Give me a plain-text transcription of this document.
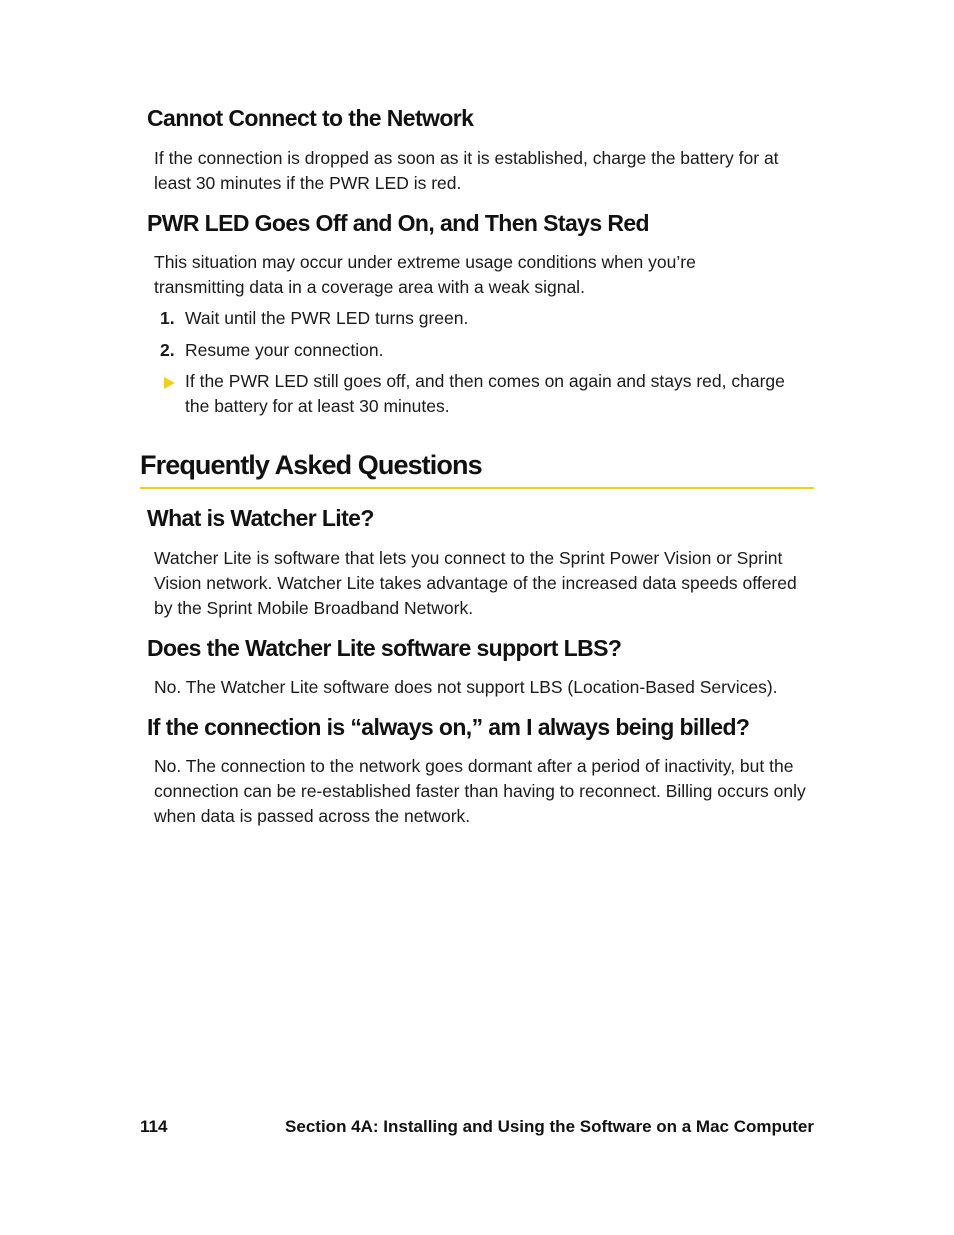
Cannot Connect to the Network

If the connection is dropped as soon as it is established, charge the battery for at least 30 minutes if the PWR LED is red.

PWR LED Goes Off and On, and Then Stays Red

This situation may occur under extreme usage conditions when you’re transmitting data in a coverage area with a weak signal.

1. Wait until the PWR LED turns green.
2. Resume your connection.

If the PWR LED still goes off, and then comes on again and stays red, charge the battery for at least 30 minutes.

Frequently Asked Questions
What is Watcher Lite?

Watcher Lite is software that lets you connect to the Sprint Power Vision or Sprint Vision network. Watcher Lite takes advantage of the increased data speeds offered by the Sprint Mobile Broadband Network.

Does the Watcher Lite software support LBS?

No. The Watcher Lite software does not support LBS (Location-Based Services).

If the connection is “always on,” am I always being billed?

No. The connection to the network goes dormant after a period of inactivity, but the connection can be re-established faster than having to reconnect. Billing occurs only when data is passed across the network.

114	Section 4A: Installing and Using the Software on a Mac Computer
